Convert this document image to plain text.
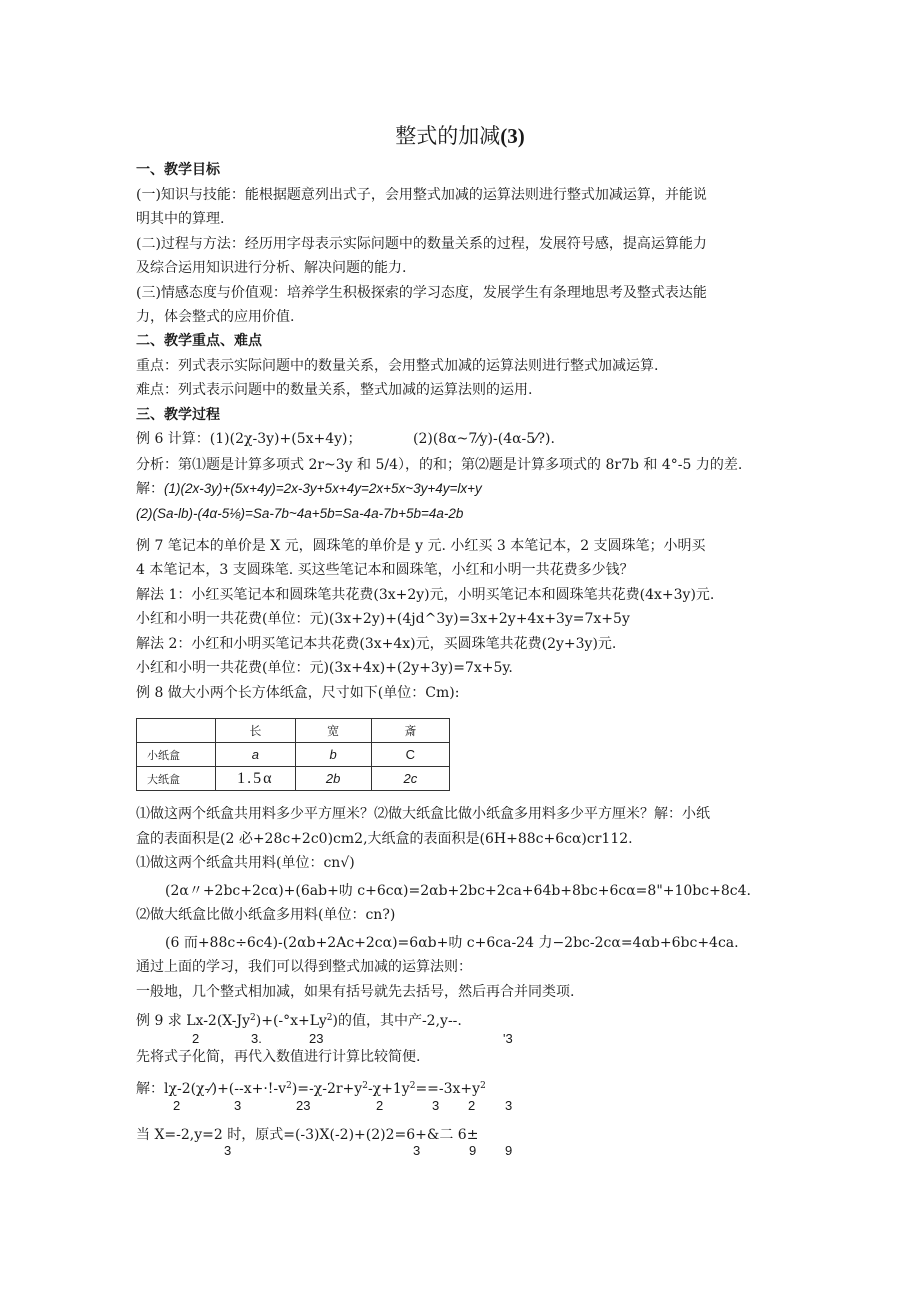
整式的加减(3)
一、教学目标
(一)知识与技能：能根据题意列出式子，会用整式加减的运算法则进行整式加减运算，并能说
明其中的算理.
(二)过程与方法：经历用字母表示实际问题中的数量关系的过程，发展符号感，提高运算能力
及综合运用知识进行分析、解决问题的能力.
(三)情感态度与价值观：培养学生积极探索的学习态度，发展学生有条理地思考及整式表达能
力，体会整式的应用价值.
二、教学重点、难点
重点：列式表示实际问题中的数量关系，会用整式加减的运算法则进行整式加减运算.
难点：列式表示问题中的数量关系，整式加减的运算法则的运用.
三、教学过程
例 6 计算：(1)(2χ-3y)+(5x+4y)；	(2)(8α~7⁄y)-(4α-5⁄?).
分析：第⑴题是计算多项式 2r~3y 和 5/4），的和；第⑵题是计算多项式的 8r7b 和 4°-5 力的差.
解：(1)(2x-3y)+(5x+4y)=2x-3y+5x+4y=2x+5x~3y+4y=lx+y
(2)(Sa-lb)-(4α-5⅛)=Sa-7b~4a+5b=Sa-4a-7b+5b=4a-2b
例 7 笔记本的单价是 X 元，圆珠笔的单价是 y 元. 小红买 3 本笔记本，2 支圆珠笔；小明买
4 本笔记本，3 支圆珠笔. 买这些笔记本和圆珠笔，小红和小明一共花费多少钱？
解法 1：小红买笔记本和圆珠笔共花费(3x+2y)元，小明买笔记本和圆珠笔共花费(4x+3y)元.
小红和小明一共花费(单位：元)(3x+2y)+(4jd^3y)=3x+2y+4x+3y=7x+5y
解法 2：小红和小明买笔记本共花费(3x+4x)元，买圆珠笔共花费(2y+3y)元.
小红和小明一共花费(单位：元)(3x+4x)+(2y+3y)=7x+5y.
例 8 做大小两个长方体纸盒，尺寸如下(单位：Cm):
	长	宽	斎
小纸盒	a	b	C
大纸盒	1.5α	2b	2c
⑴做这两个纸盒共用料多少平方厘米？⑵做大纸盒比做小纸盒多用料多少平方厘米？解：小纸
盒的表面积是(2 必+28c+2c0)cm2,大纸盒的表面积是(6H+88c+6cα)cr112.
⑴做这两个纸盒共用料(单位：cn√)
(2α〃+2bc+2cα)+(6ab+叻 c+6cα)=2αb+2bc+2ca+64b+8bc+6cα=8"+10bc+8c4.
⑵做大纸盒比做小纸盒多用料(单位：cn?)
(6 而+88c÷6c4)-(2αb+2Ac+2cα)=6αb+叻 c+6ca-24 力−2bc-2cα=4αb+6bc+4ca.
通过上面的学习，我们可以得到整式加减的运算法则：
一般地，几个整式相加减，如果有括号就先去括号，然后再合并同类项.
例 9 求 $Lx-2(X-Jy^2)+(-^\circ x+Ly^2)$的值，其中产-2,y--.
2	3.	23	'3
先将式子化简，再代入数值进行计算比较简便.
解：$l\chi-2(\chi-⁄)+(--x+\cdot!-v^2)=-\chi-2r+y^2-\chi+1y^2==-3x+y^2$
2	3	23	2	3 2 3
当 X=-2,y=2 时，原式=(-3)X(-2)+(2)2=6+&二 6±
3	3	9 9
